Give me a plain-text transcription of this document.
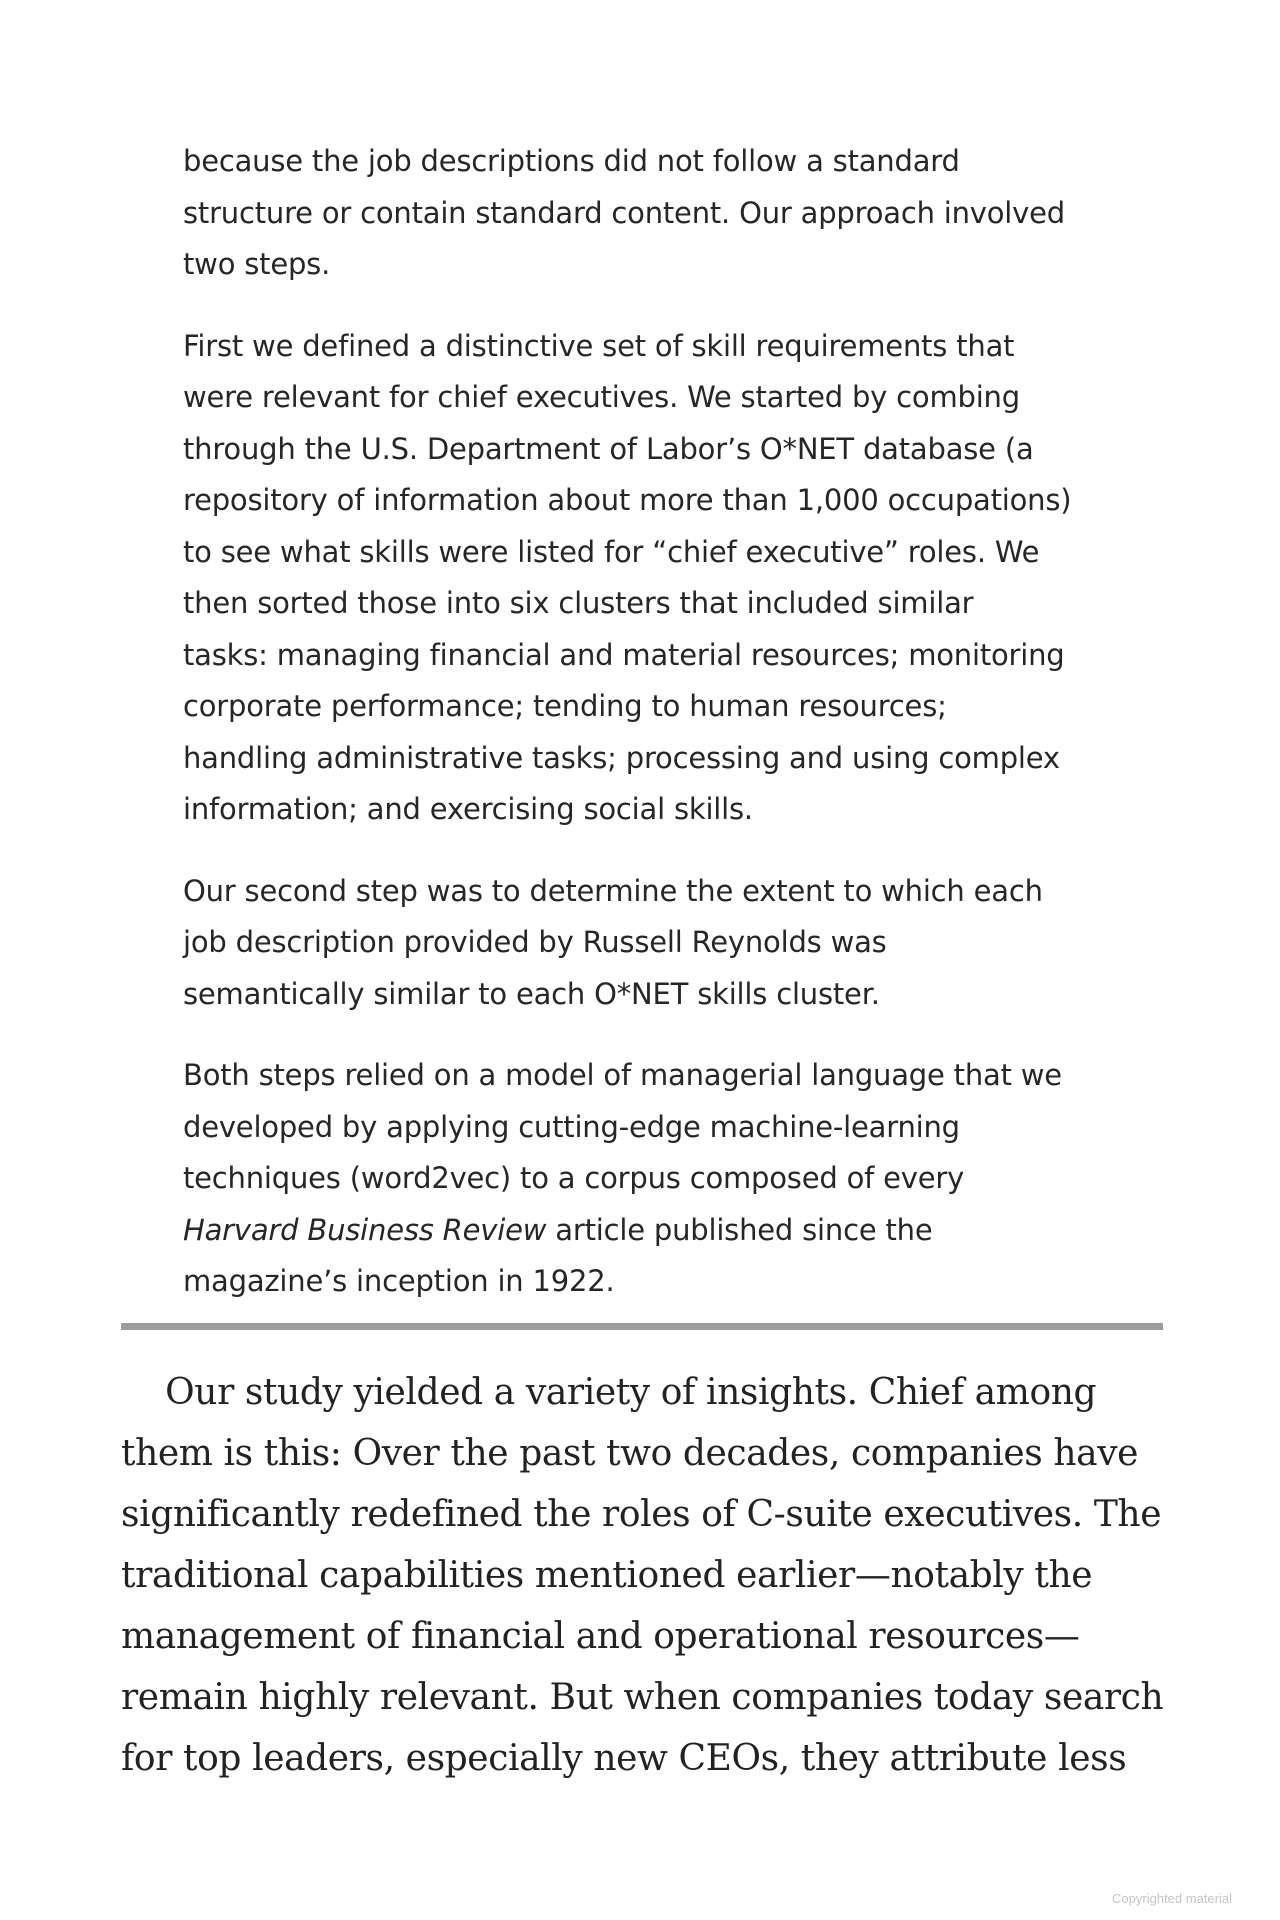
because the job descriptions did not follow a standard
structure or contain standard content. Our approach involved
two steps.

First we defined a distinctive set of skill requirements that
were relevant for chief executives. We started by combing
through the U.S. Department of Labor’s O*NET database (a
repository of information about more than 1,000 occupations)
to see what skills were listed for “chief executive” roles. We
then sorted those into six clusters that included similar
tasks: managing financial and material resources; monitoring
corporate performance; tending to human resources;
handling administrative tasks; processing and using complex
information; and exercising social skills.

Our second step was to determine the extent to which each
job description provided by Russell Reynolds was
semantically similar to each O*NET skills cluster.

Both steps relied on a model of managerial language that we
developed by applying cutting-edge machine-learning
techniques (word2vec) to a corpus composed of every
Harvard Business Review article published since the
magazine’s inception in 1922.

Our study yielded a variety of insights. Chief among
them is this: Over the past two decades, companies have
significantly redefined the roles of C-suite executives. The
traditional capabilities mentioned earlier—notably the
management of financial and operational resources—
remain highly relevant. But when companies today search
for top leaders, especially new CEOs, they attribute less
Copyrighted material
